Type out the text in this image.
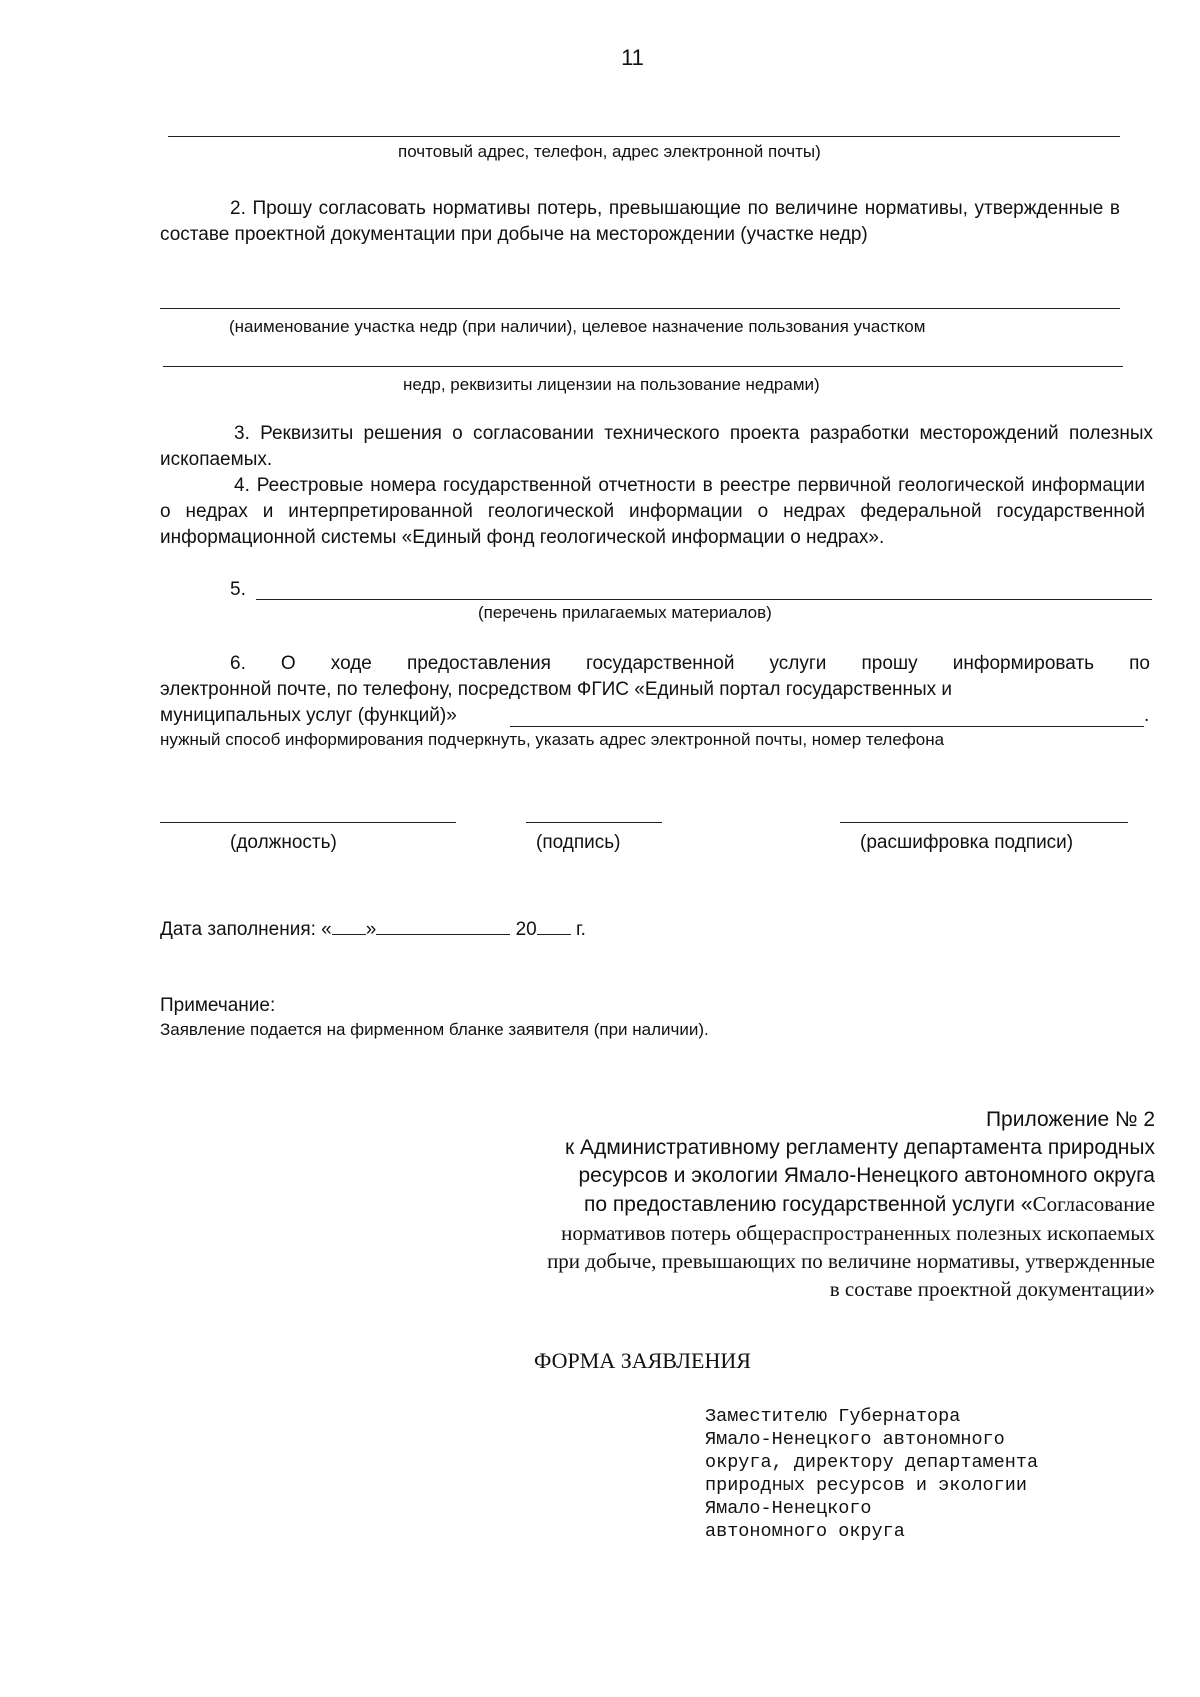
11
почтовый адрес, телефон, адрес электронной почты)
2. Прошу согласовать нормативы потерь, превышающие по величине нормативы, утвержденные в составе проектной документации при добыче на месторождении (участке недр)
(наименование участка недр (при наличии), целевое назначение пользования участком
недр, реквизиты лицензии на пользование недрами)
3. Реквизиты решения о согласовании технического проекта разработки месторождений полезных ископаемых.
4. Реестровые номера государственной отчетности в реестре первичной геологической информации о недрах и интерпретированной геологической информации о недрах федеральной государственной информационной системы «Единый фонд геологической информации о недрах».
5.
(перечень прилагаемых материалов)
6. О ходе предоставления государственной услуги прошу информировать по
электронной почте, по телефону, посредством ФГИС «Единый портал государственных и
муниципальных услуг (функций)»	.
нужный способ информирования подчеркнуть, указать адрес электронной почты, номер телефона
(должность)	(подпись)	(расшифровка подписи)
Дата заполнения: « »	20 г.
Примечание:
Заявление подается на фирменном бланке заявителя (при наличии).
Приложение № 2
к Административному регламенту департамента природных
ресурсов и экологии Ямало-Ненецкого автономного округа
по предоставлению государственной услуги «Согласование
нормативов потерь общераспространенных полезных ископаемых
при добыче, превышающих по величине нормативы, утвержденные
в составе проектной документации»
ФОРМА ЗАЯВЛЕНИЯ
Заместителю Губернатора
Ямало-Ненецкого автономного
округа, директору департамента
природных ресурсов и экологии
Ямало-Ненецкого
автономного округа
